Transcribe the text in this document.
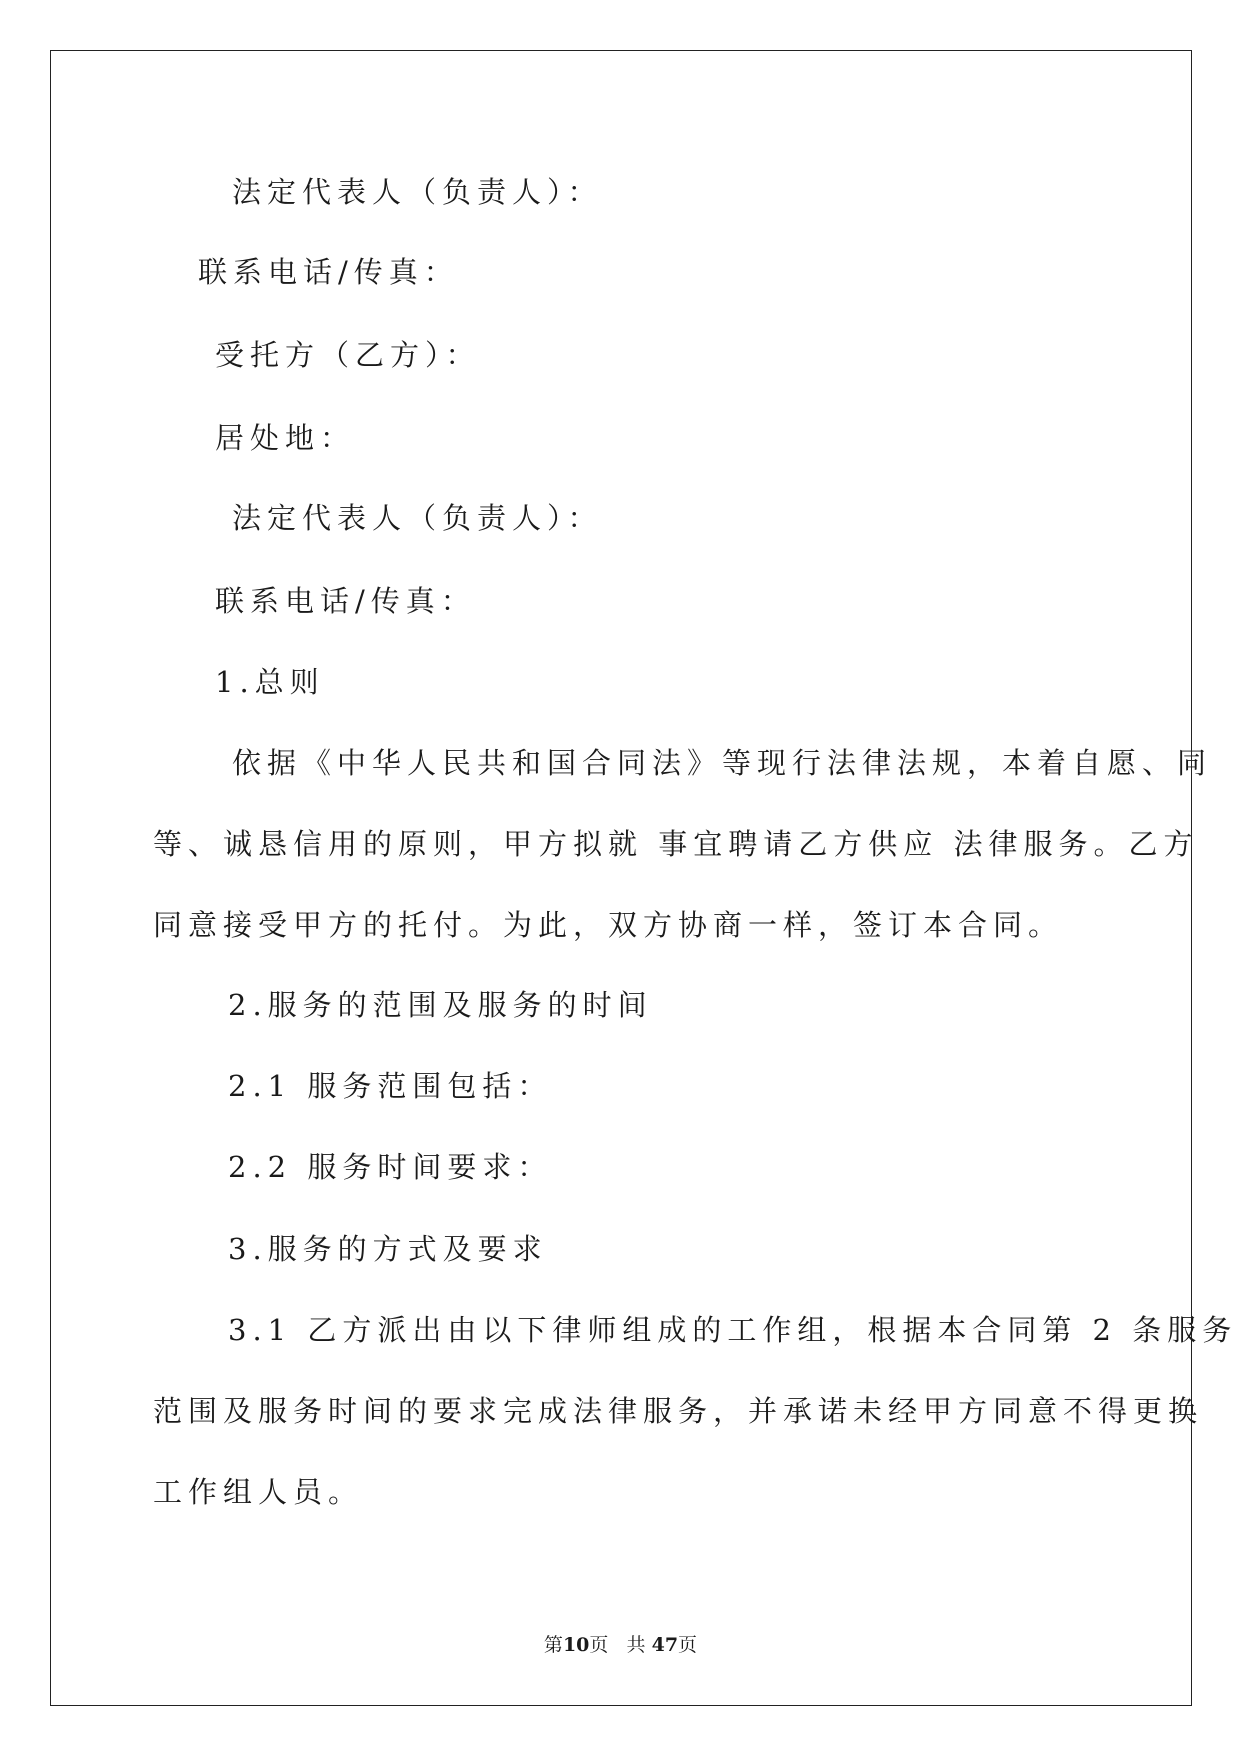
法定代表人（负责人）：
联系电话/传真：
受托方（乙方）：
居处地：
法定代表人（负责人）：
联系电话/传真：
1.总则
依据《中华人民共和国合同法》等现行法律法规，本着自愿、同
等、诚恳信用的原则，甲方拟就 事宜聘请乙方供应 法律服务。乙方
同意接受甲方的托付。为此，双方协商一样，签订本合同。
2.服务的范围及服务的时间
2.1 服务范围包括：
2.2 服务时间要求：
3.服务的方式及要求
3.1 乙方派出由以下律师组成的工作组，根据本合同第 2 条服务
范围及服务时间的要求完成法律服务，并承诺未经甲方同意不得更换
工作组人员。
第10页 共 47页
